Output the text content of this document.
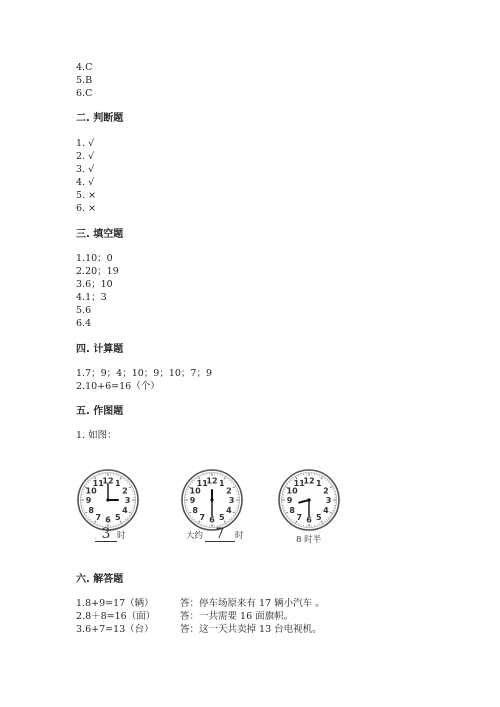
4.C
5.B
6.C
二. 判断题
1. √
2. √
3. √
4. √
5. ×
6. ×
三. 填空题
1.10；0
2.20；19
3.6；10
4.1；3
5.6
6.4
四. 计算题
1.7；9；4；10；9；10；7；9
2.10+6=16（个）
五. 作图题
1. 如图：
1
2
3
4
5
6
7
8
9
10
11
12	1
2
3
4
5
6
7
8
9
10
11
12	1
2
3
4
5
6
7
8
9
10
11
12
3 时	大约 7 时	8 时半
六. 解答题
1.8+9=17（辆）	答：停车场原来有 17 辆小汽车 。
2.8＋8=16（面）	答：一共需要 16 面旗帜。
3.6+7=13（台）	答：这一天共卖掉 13 台电视机。
